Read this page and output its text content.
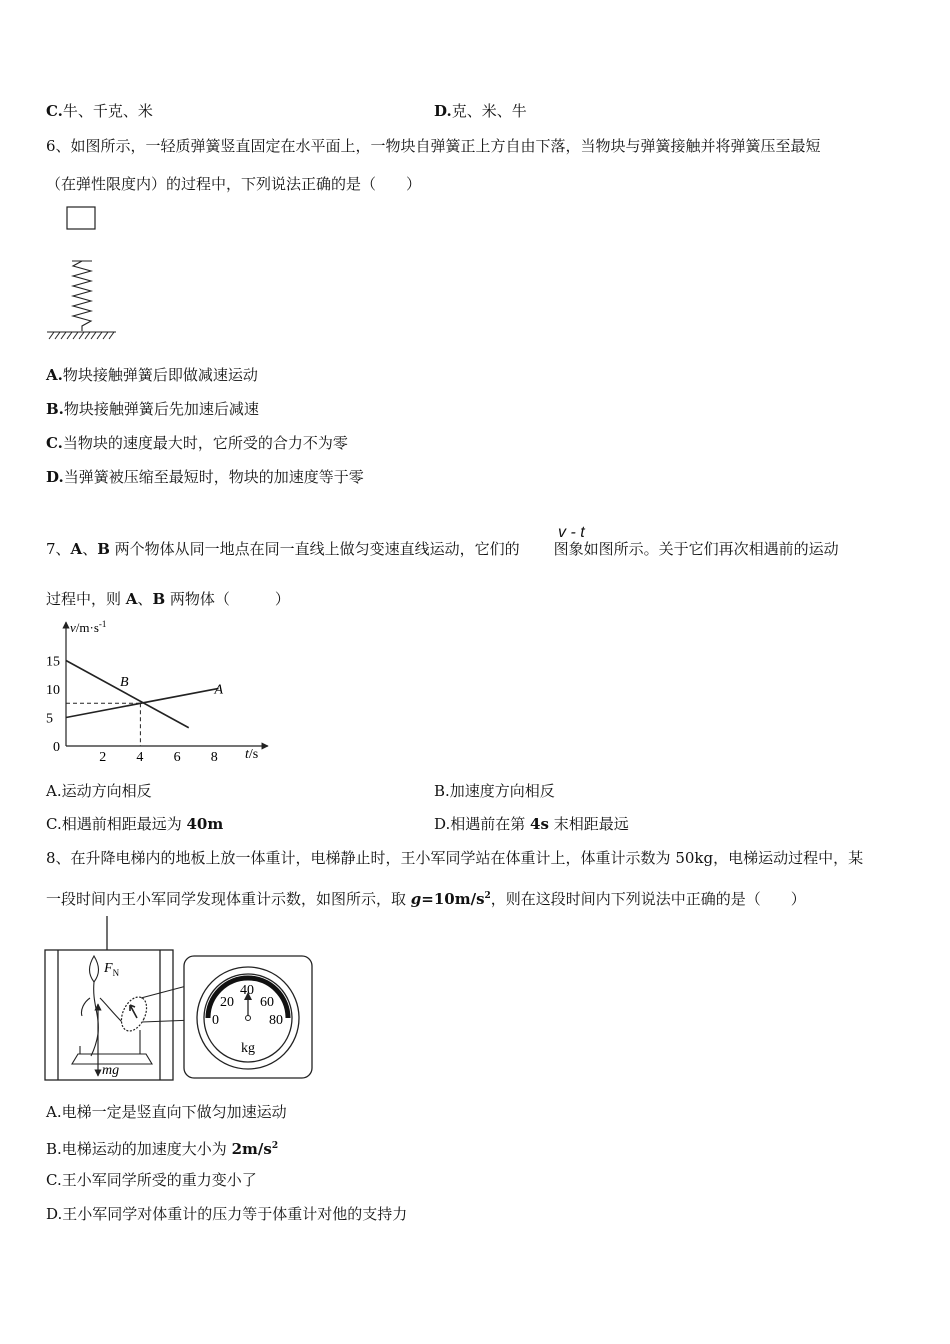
C.牛、千克、米	D.克、米、牛
6、如图所示，一轻质弹簧竖直固定在水平面上，一物块自弹簧正上方自由下落，当物块与弹簧接触并将弹簧压至最短
（在弹性限度内）的过程中，下列说法正确的是（　　）
A.物块接触弹簧后即做减速运动
B.物块接触弹簧后先加速后减速
C.当物块的速度最大时，它所受的合力不为零
D.当弹簧被压缩至最短时，物块的加速度等于零
7、A、B 两个物体从同一地点在同一直线上做匀变速直线运动，它们的 图象如图所示。关于它们再次相遇前的运动
v - t
过程中，则 A、B 两物体（　　　）
2 4 6 8
5
10
15
A
B
$v/m\cdot s^{-1}$
t/s
0
A.运动方向相反	B.加速度方向相反
C.相遇前相距最远为 40m	D.相遇前在第 4s 末相距最远
8、在升降电梯内的地板上放一体重计，电梯静止时，王小军同学站在体重计上，体重计示数为 50kg，电梯运动过程中，某
一段时间内王小军同学发现体重计示数，如图所示，取 $g=10m/s^2$，则在这段时间内下列说法中正确的是（　　）
$F_N$
mg
0
20
40
60
80
kg
A.电梯一定是竖直向下做匀加速运动
B.电梯运动的加速度大小为 $2m/s^2$
C.王小军同学所受的重力变小了
D.王小军同学对体重计的压力等于体重计对他的支持力
